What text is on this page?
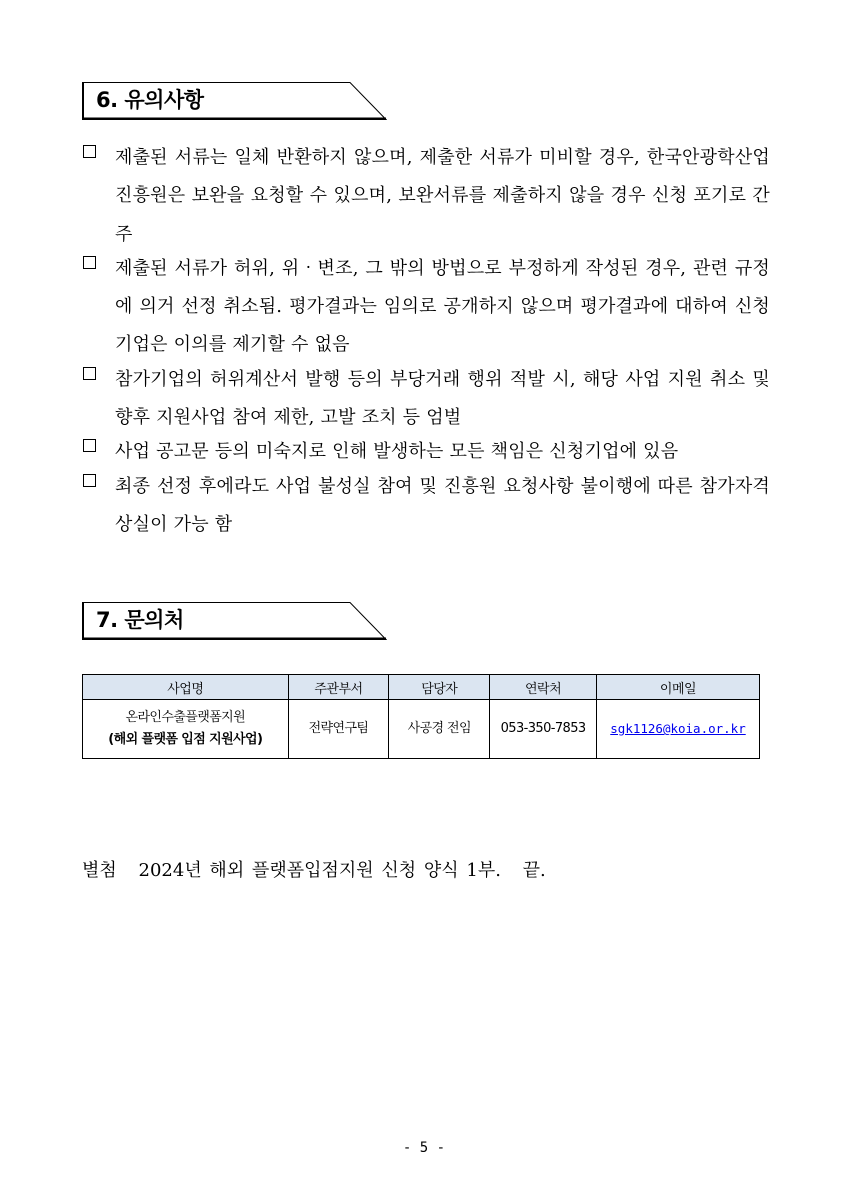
6. 유의사항
제출된 서류는 일체 반환하지 않으며, 제출한 서류가 미비할 경우, 한국안광학산업진흥원은 보완을 요청할 수 있으며, 보완서류를 제출하지 않을 경우 신청 포기로 간주
제출된 서류가 허위, 위‧변조, 그 밖의 방법으로 부정하게 작성된 경우, 관련 규정에 의거 선정 취소됨. 평가결과는 임의로 공개하지 않으며 평가결과에 대하여 신청기업은 이의를 제기할 수 없음
참가기업의 허위계산서 발행 등의 부당거래 행위 적발 시, 해당 사업 지원 취소 및 향후 지원사업 참여 제한, 고발 조치 등 엄벌
사업 공고문 등의 미숙지로 인해 발생하는 모든 책임은 신청기업에 있음
최종 선정 후에라도 사업 불성실 참여 및 진흥원 요청사항 불이행에 따른 참가자격 상실이 가능 함
7. 문의처
사업명	주관부서	담당자	연락처	이메일

온라인수출플랫폼지원
(해외 플랫폼 입점 지원사업)	전략연구팀	사공경 전임	053-350-7853	sgk1126@koia.or.kr
별첨 2024년 해외 플랫폼입점지원 신청 양식 1부. 끝.
- 5 -
